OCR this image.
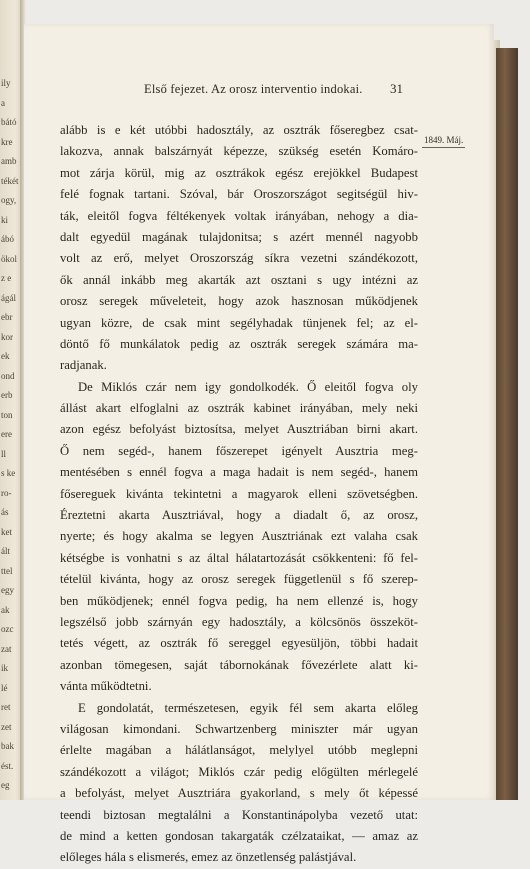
ily
a
bátó
kre
amb
tékét
ogy,
ki
ábó
ökol
z e
ágál
ebr
kor
ek
ond
erb
ton
ere
ll
s ke
ro-
ás
ket
ált
ttel
egy
ak
ozc
zat
ik
lé
ret
zet
bak
ést.
eg
Első fejezet. Az orosz interventio indokai. 31
1849. Máj.
alább is e két utóbbi hadosztály, az osztrák főseregbez csat-
lakozva, annak balszárnyát képezze, szükség esetén Komáro-
mot zárja körül, mig az osztrákok egész erejökkel Budapest
felé fognak tartani. Szóval, bár Oroszországot segitségül hiv-
ták, eleitől fogva féltékenyek voltak irányában, nehogy a dia-
dalt egyedül magának tulajdonitsa; s azért mennél nagyobb
volt az erő, melyet Oroszország síkra vezetni szándékozott,
ők annál inkább meg akarták azt osztani s ugy intézni az
orosz seregek műveleteit, hogy azok hasznosan működjenek
ugyan közre, de csak mint segélyhadak tünjenek fel; az el-
döntő fő munkálatok pedig az osztrák seregek számára ma-
radjanak.
De Miklós czár nem igy gondolkodék. Ő eleitől fogva oly
állást akart elfoglalni az osztrák kabinet irányában, mely neki
azon egész befolyást biztosítsa, melyet Ausztriában birni akart.
Ő nem segéd-, hanem főszerepet igényelt Ausztria meg-
mentésében s ennél fogva a maga hadait is nem segéd-, hanem
fősereguek kivánta tekintetni a magyarok elleni szövetségben.
Éreztetni akarta Ausztriával, hogy a diadalt ő, az orosz,
nyerte; és hogy akalma se legyen Ausztriának ezt valaha csak
kétségbe is vonhatni s az által hálatartozását csökkenteni: fő fel-
tételül kivánta, hogy az orosz seregek függetlenül s fő szerep-
ben működjenek; ennél fogva pedig, ha nem ellenzé is, hogy
legszélső jobb szárnyán egy hadosztály, a kölcsönös összeköt-
tetés végett, az osztrák fő sereggel egyesüljön, többi hadait
azonban tömegesen, saját tábornokának fővezérlete alatt ki-
vánta működtetni.
E gondolatát, természetesen, egyik fél sem akarta előleg
világosan kimondani. Schwartzenberg miniszter már ugyan
érlelte magában a hálátlanságot, melylyel utóbb meglepni
szándékozott a világot; Miklós czár pedig előgülten mérlegelé
a befolyást, melyet Ausztriára gyakorland, s mely őt képessé
teendi biztosan megtalálni a Konstantinápolyba vezető utat:
de mind a ketten gondosan takargaták czélzataikat, — amaz az
előleges hála s elismerés, emez az önzetlenség palástjával.
